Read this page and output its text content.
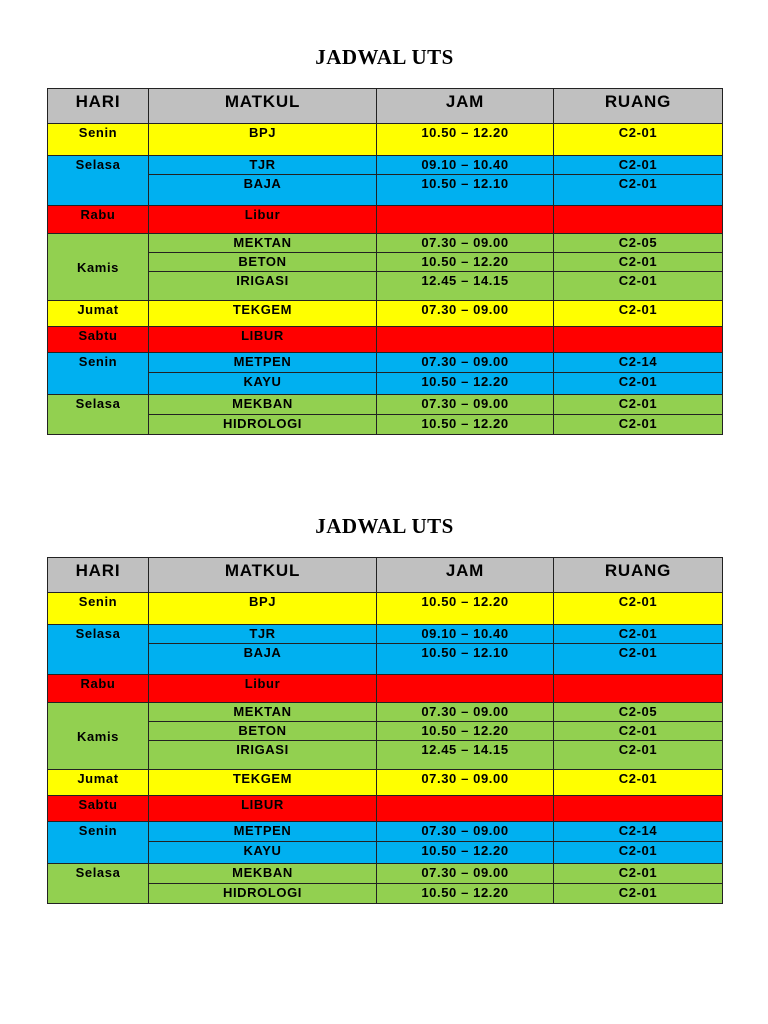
JADWAL UTS
HARI	MATKUL	JAM	RUANG
Senin	BPJ	10.50 – 12.20	C2-01
Selasa	TJR	09.10 – 10.40	C2-01
	BAJA	10.50 – 12.10	C2-01
Rabu	Libur		
Kamis	MEKTAN	07.30 – 09.00	C2-05
	BETON	10.50 – 12.20	C2-01
	IRIGASI	12.45 – 14.15	C2-01
Jumat	TEKGEM	07.30 – 09.00	C2-01
Sabtu	LIBUR		
Senin	METPEN	07.30 – 09.00	C2-14
	KAYU	10.50 – 12.20	C2-01
Selasa	MEKBAN	07.30 – 09.00	C2-01
	HIDROLOGI	10.50 – 12.20	C2-01
JADWAL UTS
HARI	MATKUL	JAM	RUANG
Senin	BPJ	10.50 – 12.20	C2-01
Selasa	TJR	09.10 – 10.40	C2-01
	BAJA	10.50 – 12.10	C2-01
Rabu	Libur		
Kamis	MEKTAN	07.30 – 09.00	C2-05
	BETON	10.50 – 12.20	C2-01
	IRIGASI	12.45 – 14.15	C2-01
Jumat	TEKGEM	07.30 – 09.00	C2-01
Sabtu	LIBUR		
Senin	METPEN	07.30 – 09.00	C2-14
	KAYU	10.50 – 12.20	C2-01
Selasa	MEKBAN	07.30 – 09.00	C2-01
	HIDROLOGI	10.50 – 12.20	C2-01
